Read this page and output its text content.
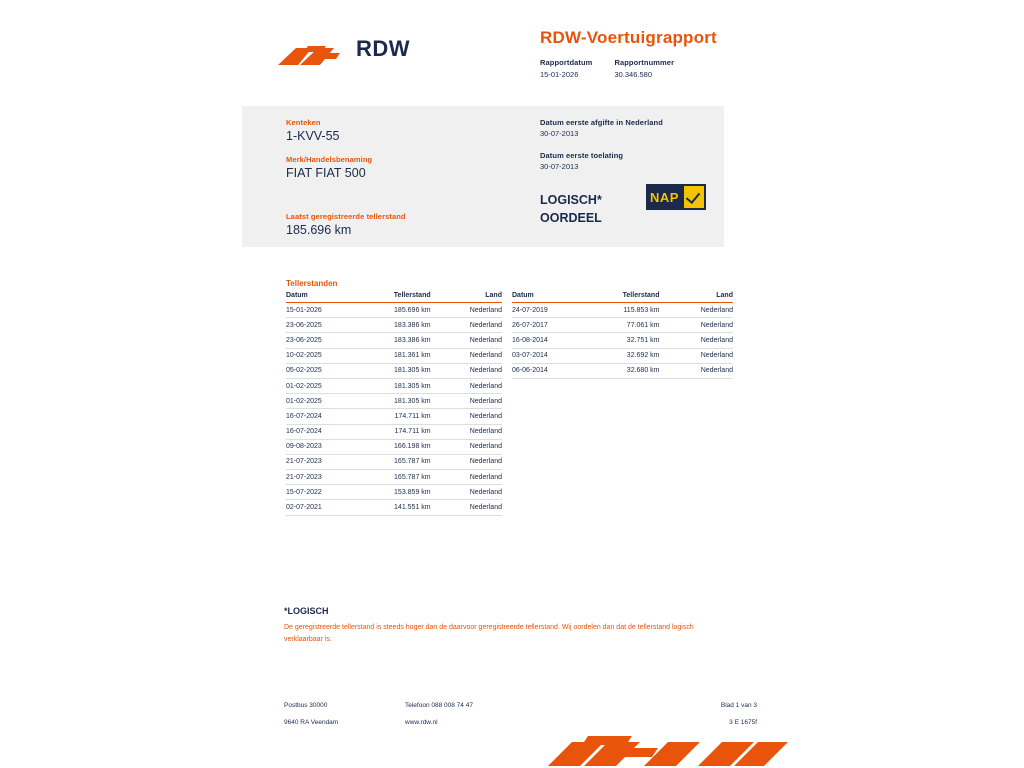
RDW	RDW-Voertuigrapport
Rapportdatum
15-01-2026
Rapportnummer
30.346.580
Kenteken
1-KVV-55
Merk/Handelsbenaming
FIAT FIAT 500
Laatst geregistreerde tellerstand
185.696 km
Datum eerste afgifte in Nederland
30-07-2013
Datum eerste toelating
30-07-2013
LOGISCH*
OORDEEL
NAP
Tellerstanden
Datum	Tellerstand	Land
15-01-2026	185.696 km	Nederland
23-06-2025	183.386 km	Nederland
23-06-2025	183.386 km	Nederland
10-02-2025	181.361 km	Nederland
05-02-2025	181.305 km	Nederland
01-02-2025	181.305 km	Nederland
01-02-2025	181.305 km	Nederland
16-07-2024	174.711 km	Nederland
16-07-2024	174.711 km	Nederland
09-08-2023	166.198 km	Nederland
21-07-2023	165.787 km	Nederland
21-07-2023	165.787 km	Nederland
15-07-2022	153.859 km	Nederland
02-07-2021	141.551 km	Nederland
Datum	Tellerstand	Land
24-07-2019	115.853 km	Nederland
26-07-2017	77.061 km	Nederland
16-08-2014	32.751 km	Nederland
03-07-2014	32.692 km	Nederland
06-06-2014	32.680 km	Nederland
*LOGISCH
De geregistreerde tellerstand is steeds hoger dan de daarvoor geregistreerde tellerstand. Wij oordelen dan dat de tellerstand logisch verklaarbaar is.
Postbus 30000
9640 RA Veendam
Telefoon 088 008 74 47
www.rdw.nl
Blad 1 van 3
3 E 1675f
